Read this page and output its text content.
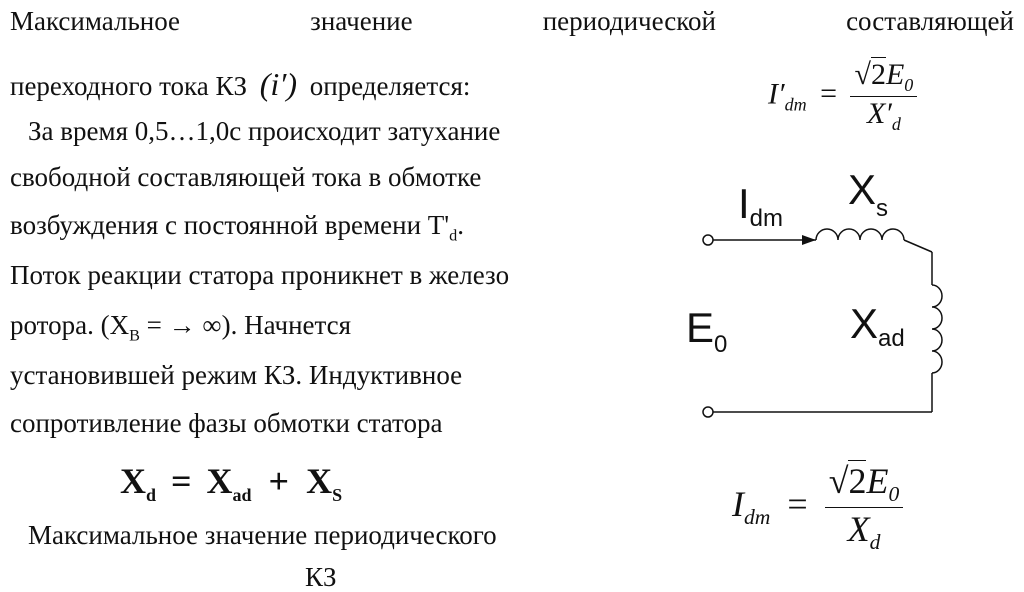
Максимальное	значение	периодической	составляющей
переходного тока КЗ (i′) определяется:
За время 0,5…1,0с происходит затухание
свободной составляющей тока в обмотке
возбуждения с постоянной времени $Т'_d$.
Поток реакции статора проникнет в железо
ротора. ($Х_В$ = → ∞). Начнется
установившей режим КЗ. Индуктивное
сопротивление фазы обмотки статора
$X_d = X_{ad} + X_S$
Максимальное значение периодического
КЗ
$I'_{dm} = \frac{√2E_0}{X'_d}$
Idm
$X_s$
Xad
$E_0$
$I_{dm} = \frac{√2E_0}{X_d}$
